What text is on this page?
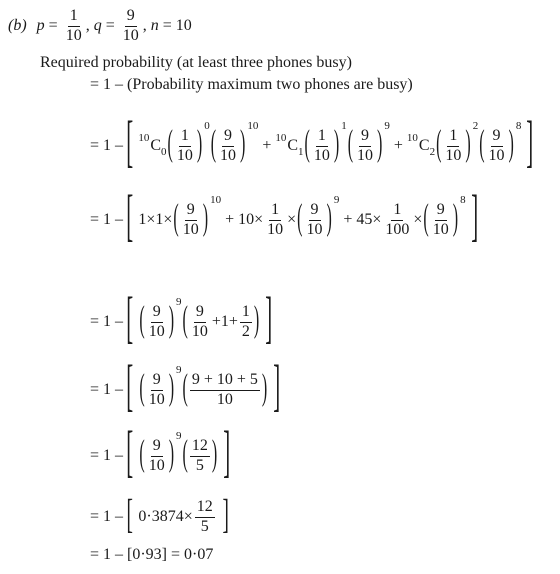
(b) $p = \frac{1}{10}$ , $q = \frac{9}{10}$ , n = 10
Required probability (at least three phones busy)
= 1 – (Probability maximum two phones are busy)
= 1 – [ 10 C 0 ( $\frac{1}{10}$ ) 0 ( $\frac{9}{10}$ ) 10
+ 10 C 1 ( $\frac{1}{10}$ ) 1 ( $\frac{9}{10}$ ) 9
+ 10 C 2 ( $\frac{1}{10}$ ) 2 ( $\frac{9}{10}$ ) 8 ]
= 1 – [ 1 × 1 × ( $\frac{9}{10}$ ) 10
+ $10 \times \frac{1}{10}$ × ( $\frac{9}{10}$ ) 9
+ $45 \times \frac{1}{100}$ × ( $\frac{9}{10}$ ) 8 ]
= 1 – [ ( $\frac{9}{10}$ ) 9 ( $\frac{9}{10} + 1 + \frac{1}{2}$ ) ]
= 1 – [ ( $\frac{9}{10}$ ) 9 ( $\frac{9 + 10 + 5}{10}$ ) ]
= 1 – [ ( $\frac{9}{10}$ ) 9 ( $\frac{12}{5}$ ) ]
= 1 – [ $0\cdot 3874 \times \frac{12}{5}$ ]
= 1 – [0·93] = 0·07
